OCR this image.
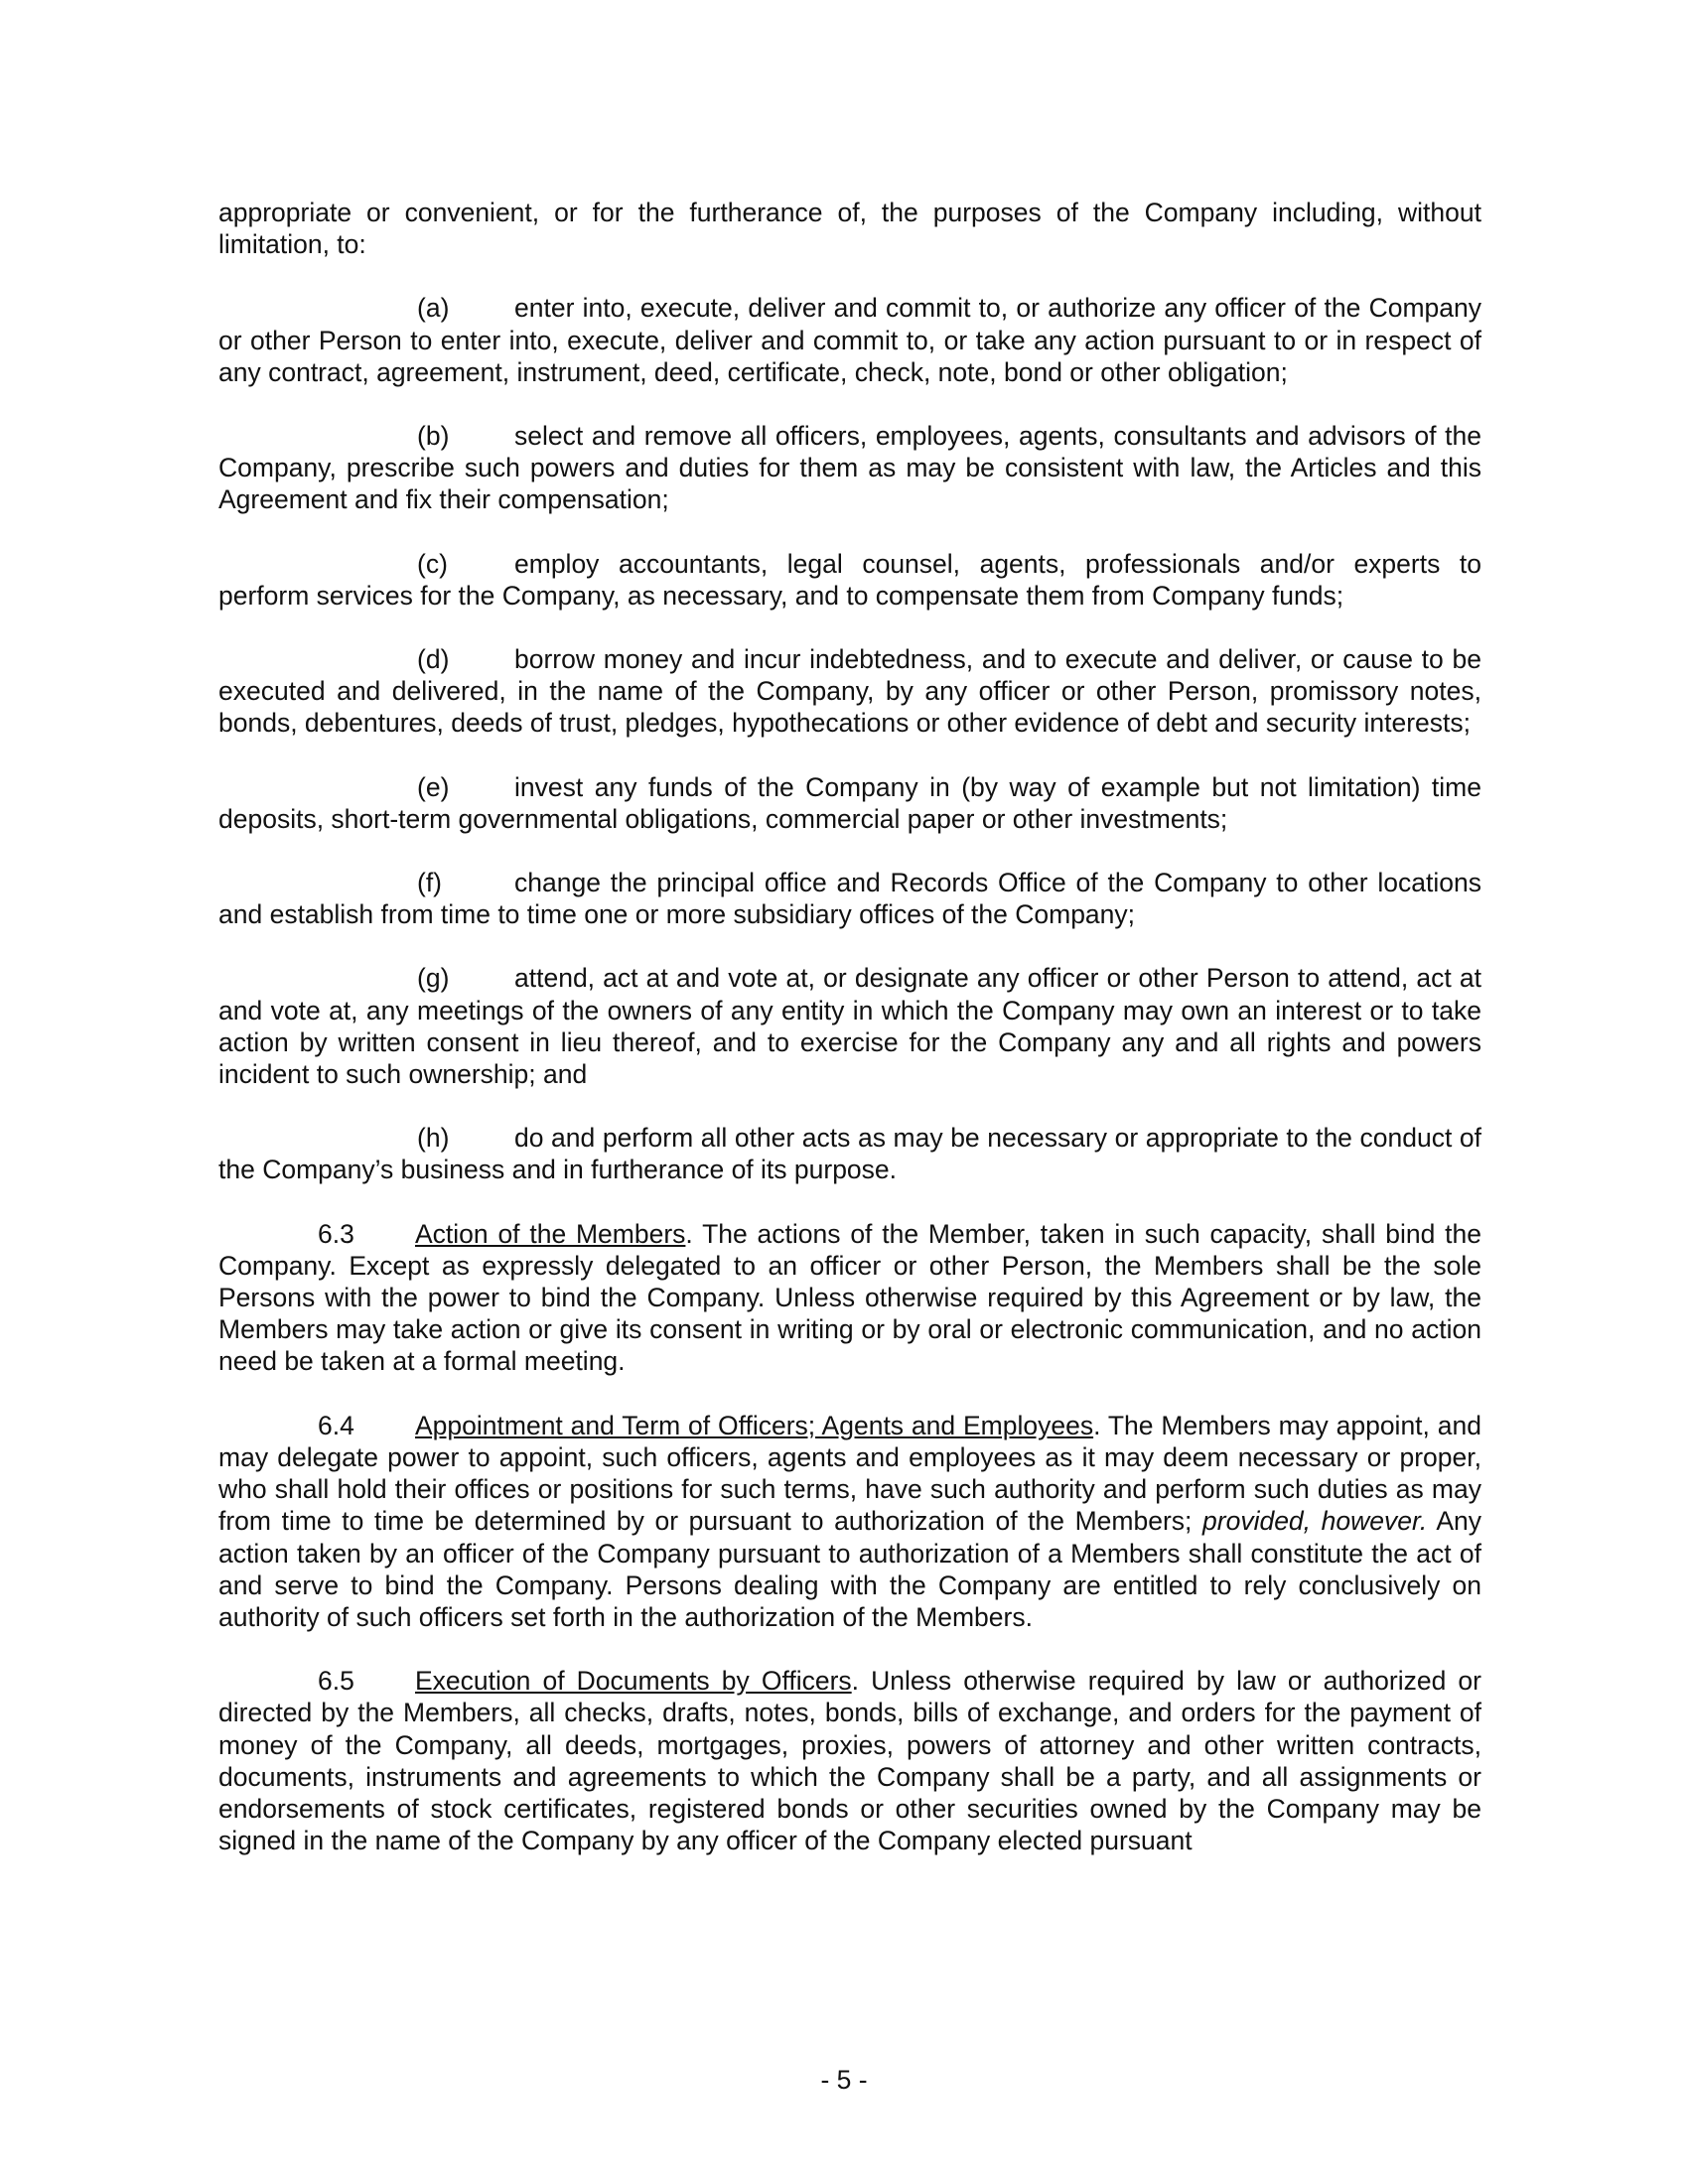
appropriate or convenient, or for the furtherance of, the purposes of the Company including, without limitation, to:

(a) enter into, execute, deliver and commit to, or authorize any officer of the Company or other Person to enter into, execute, deliver and commit to, or take any action pursuant to or in respect of any contract, agreement, instrument, deed, certificate, check, note, bond or other obligation;

(b) select and remove all officers, employees, agents, consultants and advisors of the Company, prescribe such powers and duties for them as may be consistent with law, the Articles and this Agreement and fix their compensation;

(c)	employ accountants, legal counsel, agents, professionals and/or experts to perform services for the Company, as necessary, and to compensate them from Company funds;

(d) borrow money and incur indebtedness, and to execute and deliver, or cause to be executed and delivered, in the name of the Company, by any officer or other Person, promissory notes, bonds, debentures, deeds of trust, pledges, hypothecations or other evidence of debt and security interests;

(e) invest any funds of the Company in (by way of example but not limitation) time deposits, short-term governmental obligations, commercial paper or other investments;

(f)	change the principal office and Records Office of the Company to other locations and establish from time to time one or more subsidiary offices of the Company;

(g) attend, act at and vote at, or designate any officer or other Person to attend, act at and vote at, any meetings of the owners of any entity in which the Company may own an interest or to take action by written consent in lieu thereof, and to exercise for the Company any and all rights and powers incident to such ownership; and

(h) do and perform all other acts as may be necessary or appropriate to the conduct of the Company’s business and in furtherance of its purpose.

6.3 Action of the Members. The actions of the Member, taken in such capacity, shall bind the Company. Except as expressly delegated to an officer or other Person, the Members shall be the sole Persons with the power to bind the Company. Unless otherwise required by this Agreement or by law, the Members may take action or give its consent in writing or by oral or electronic communication, and no action need be taken at a formal meeting.

6.4 Appointment and Term of Officers; Agents and Employees. The Members may appoint, and may delegate power to appoint, such officers, agents and employees as it may deem necessary or proper, who shall hold their offices or positions for such terms, have such authority and perform such duties as may from time to time be determined by or pursuant to authorization of the Members; provided, however. Any action taken by an officer of the Company pursuant to authorization of a Members shall constitute the act of and serve to bind the Company. Persons dealing with the Company are entitled to rely conclusively on authority of such officers set forth in the authorization of the Members.

6.5 Execution of Documents by Officers. Unless otherwise required by law or authorized or directed by the Members, all checks, drafts, notes, bonds, bills of exchange, and orders for the payment of money of the Company, all deeds, mortgages, proxies, powers of attorney and other written contracts, documents, instruments and agreements to which the Company shall be a party, and all assignments or endorsements of stock certificates, registered bonds or other securities owned by the Company may be signed in the name of the Company by any officer of the Company elected pursuant

- 5 -
